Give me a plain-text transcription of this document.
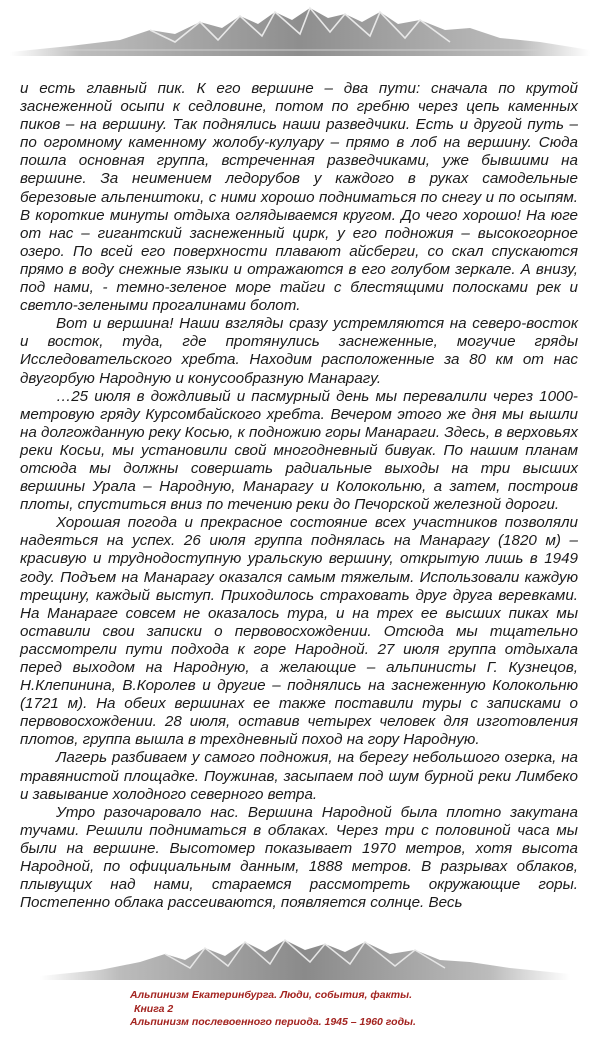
и есть главный пик. К его вершине – два пути: сначала по крутой заснеженной осыпи к седловине, потом по гребню через цепь каменных пиков – на вершину. Так поднялись наши разведчики. Есть и другой путь – по огромному каменному жолобу-кулуару – прямо в лоб на вершину. Сюда пошла основная группа, встреченная разведчиками, уже бывшими на вершине. За неимением ледорубов у каждого в руках самодельные березовые альпенштоки, с ними хорошо подниматься по снегу и по осыпям. В короткие минуты отдыха оглядываемся кругом. До чего хорошо! На юге от нас – гигантский заснеженный цирк, у его подножия – высокогорное озеро. По всей его поверхности плавают айсберги, со скал спускаются прямо в воду снежные языки и отражаются в его голубом зеркале. А внизу, под нами, - темно-зеленое море тайги с блестящими полосками рек и светло-зелеными прогалинами болот.

Вот и вершина! Наши взгляды сразу устремляются на северо-восток и восток, туда, где протянулись заснеженные, могучие гряды Исследовательского хребта. Находим расположенные за 80 км от нас двугорбую Народную и конусообразную Манарагу.

…25 июля в дождливый и пасмурный день мы перевалили через 1000-метровую гряду Курсомбайского хребта. Вечером этого же дня мы вышли на долгожданную реку Косью, к подножию горы Манараги. Здесь, в верховьях реки Косьи, мы установили свой многодневный бивуак. По нашим планам отсюда мы должны совершать радиальные выходы на три высших вершины Урала – Народную, Манарагу и Колокольню, а затем, построив плоты, спуститься вниз по течению реки до Печорской железной дороги.

Хорошая погода и прекрасное состояние всех участников позволяли надеяться на успех. 26 июля группа поднялась на Манарагу (1820 м) – красивую и труднодоступную уральскую вершину, открытую лишь в 1949 году. Подъем на Манарагу оказался самым тяжелым. Использовали каждую трещину, каждый выступ. Приходилось страховать друг друга веревками. На Манараге совсем не оказалось тура, и на трех ее высших пиках мы оставили свои записки о первовосхождении. Отсюда мы тщательно рассмотрели пути подхода к горе Народной. 27 июля группа отдыхала перед выходом на Народную, а желающие – альпинисты Г. Кузнецов, Н.Клепинина, В.Королев и другие – поднялись на заснеженную Колокольню (1721 м). На обеих вершинах ее также поставили туры с записками о первовосхождении. 28 июля, оставив четырех человек для изготовления плотов, группа вышла в трехдневный поход на гору Народную.

Лагерь разбиваем у самого подножия, на берегу небольшого озерка, на травянистой площадке. Поужинав, засыпаем под шум бурной реки Лимбеко и завывание холодного северного ветра.

Утро разочаровало нас. Вершина Народной была плотно закутана тучами. Решили подниматься в облаках. Через три с половиной часа мы были на вершине. Высотомер показывает 1970 метров, хотя высота Народной, по официальным данным, 1888 метров. В разрывах облаков, плывущих над нами, стараемся рассмотреть окружающие горы. Постепенно облака рассеиваются, появляется солнце. Весь

Альпинизм Екатеринбурга. Люди, события, факты.
Книга 2
Альпинизм послевоенного периода. 1945 – 1960 годы.
